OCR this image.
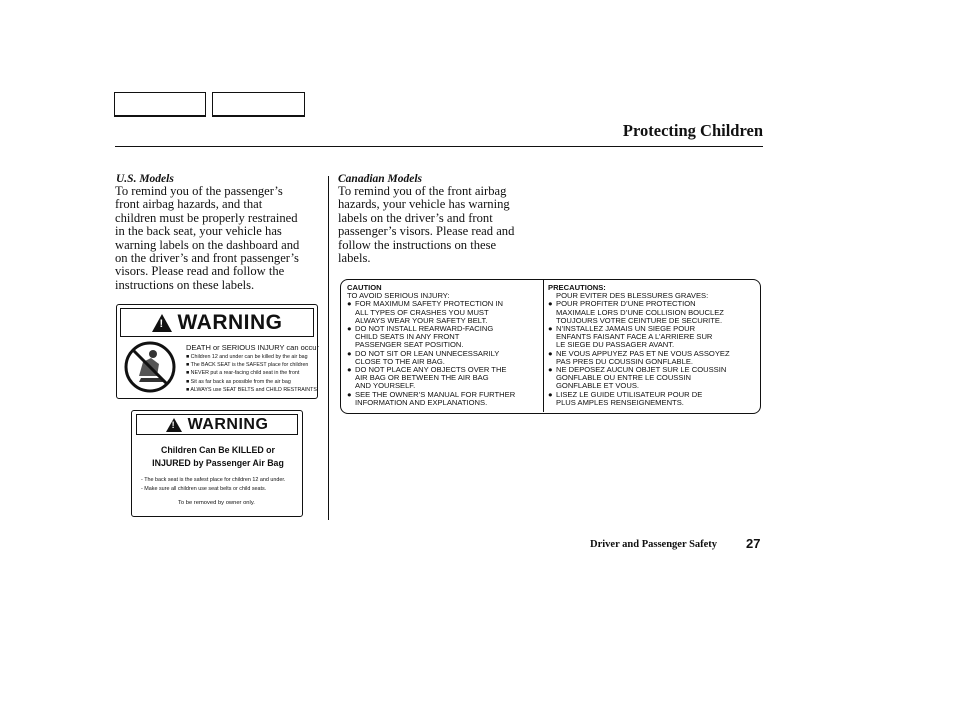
Protecting Children
U.S. Models
To remind you of the passenger’s
front airbag hazards, and that
children must be properly restrained
in the back seat, your vehicle has
warning labels on the dashboard and
on the driver’s and front passenger’s
visors. Please read and follow the
instructions on these labels.
! WARNING
DEATH or SERIOUS INJURY can occur
■ Children 12 and under can be killed by the air bag
■ The BACK SEAT is the SAFEST place for children
■ NEVER put a rear-facing child seat in the front
■ Sit as far back as possible from the air bag
■ ALWAYS use SEAT BELTS and CHILD RESTRAINTS
! WARNING
Children Can Be KILLED or
INJURED by Passenger Air Bag
- The back seat is the safest place for children 12 and under.
- Make sure all children use seat belts or child seats.
To be removed by owner only.
Canadian Models
To remind you of the front airbag
hazards, your vehicle has warning
labels on the driver’s and front
passenger’s visors. Please read and
follow the instructions on these
labels.
CAUTION
TO AVOID SERIOUS INJURY:
● FOR MAXIMUM SAFETY PROTECTION IN
ALL TYPES OF CRASHES YOU MUST
ALWAYS WEAR YOUR SAFETY BELT.
● DO NOT INSTALL REARWARD-FACING
CHILD SEATS IN ANY FRONT
PASSENGER SEAT POSITION.
● DO NOT SIT OR LEAN UNNECESSARILY
CLOSE TO THE AIR BAG.
● DO NOT PLACE ANY OBJECTS OVER THE
AIR BAG OR BETWEEN THE AIR BAG
AND YOURSELF.
● SEE THE OWNER’S MANUAL FOR FURTHER
INFORMATION AND EXPLANATIONS.
PRECAUTIONS:
POUR EVITER DES BLESSURES GRAVES:
● POUR PROFITER D’UNE PROTECTION
MAXIMALE LORS D’UNE COLLISION BOUCLEZ
TOUJOURS VOTRE CEINTURE DE SECURITE.
● N’INSTALLEZ JAMAIS UN SIEGE POUR
ENFANTS FAISANT FACE A L’ARRIERE SUR
LE SIEGE DU PASSAGER AVANT.
● NE VOUS APPUYEZ PAS ET NE VOUS ASSOYEZ
PAS PRES DU COUSSIN GONFLABLE.
● NE DEPOSEZ AUCUN OBJET SUR LE COUSSIN
GONFLABLE OU ENTRE LE COUSSIN
GONFLABLE ET VOUS.
● LISEZ LE GUIDE UTILISATEUR POUR DE
PLUS AMPLES RENSEIGNEMENTS.
Driver and Passenger Safety 27
